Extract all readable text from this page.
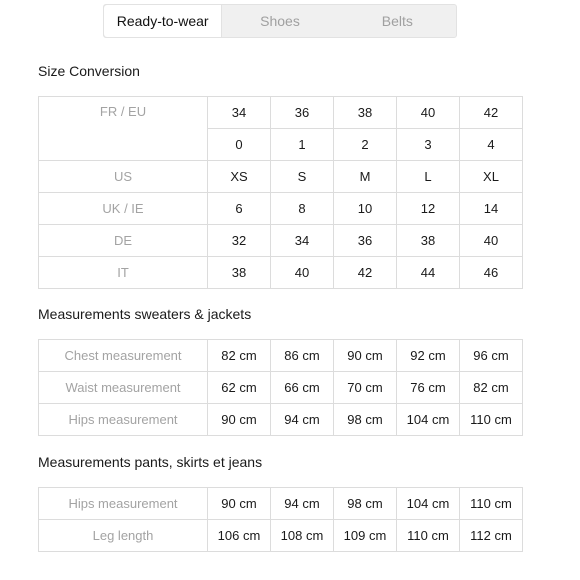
Ready-to-wear	Shoes	Belts
Size Conversion
FR / EU	34	36	38	40	42
	0	1	2	3	4
US	XS	S	M	L	XL
UK / IE	6	8	10	12	14
DE	32	34	36	38	40
IT	38	40	42	44	46
Measurements sweaters & jackets
Chest measurement	82 cm	86 cm	90 cm	92 cm	96 cm
Waist measurement	62 cm	66 cm	70 cm	76 cm	82 cm
Hips measurement	90 cm	94 cm	98 cm	104 cm	110 cm
Measurements pants, skirts et jeans
Hips measurement	90 cm	94 cm	98 cm	104 cm	110 cm
Leg length	106 cm	108 cm	109 cm	110 cm	112 cm
